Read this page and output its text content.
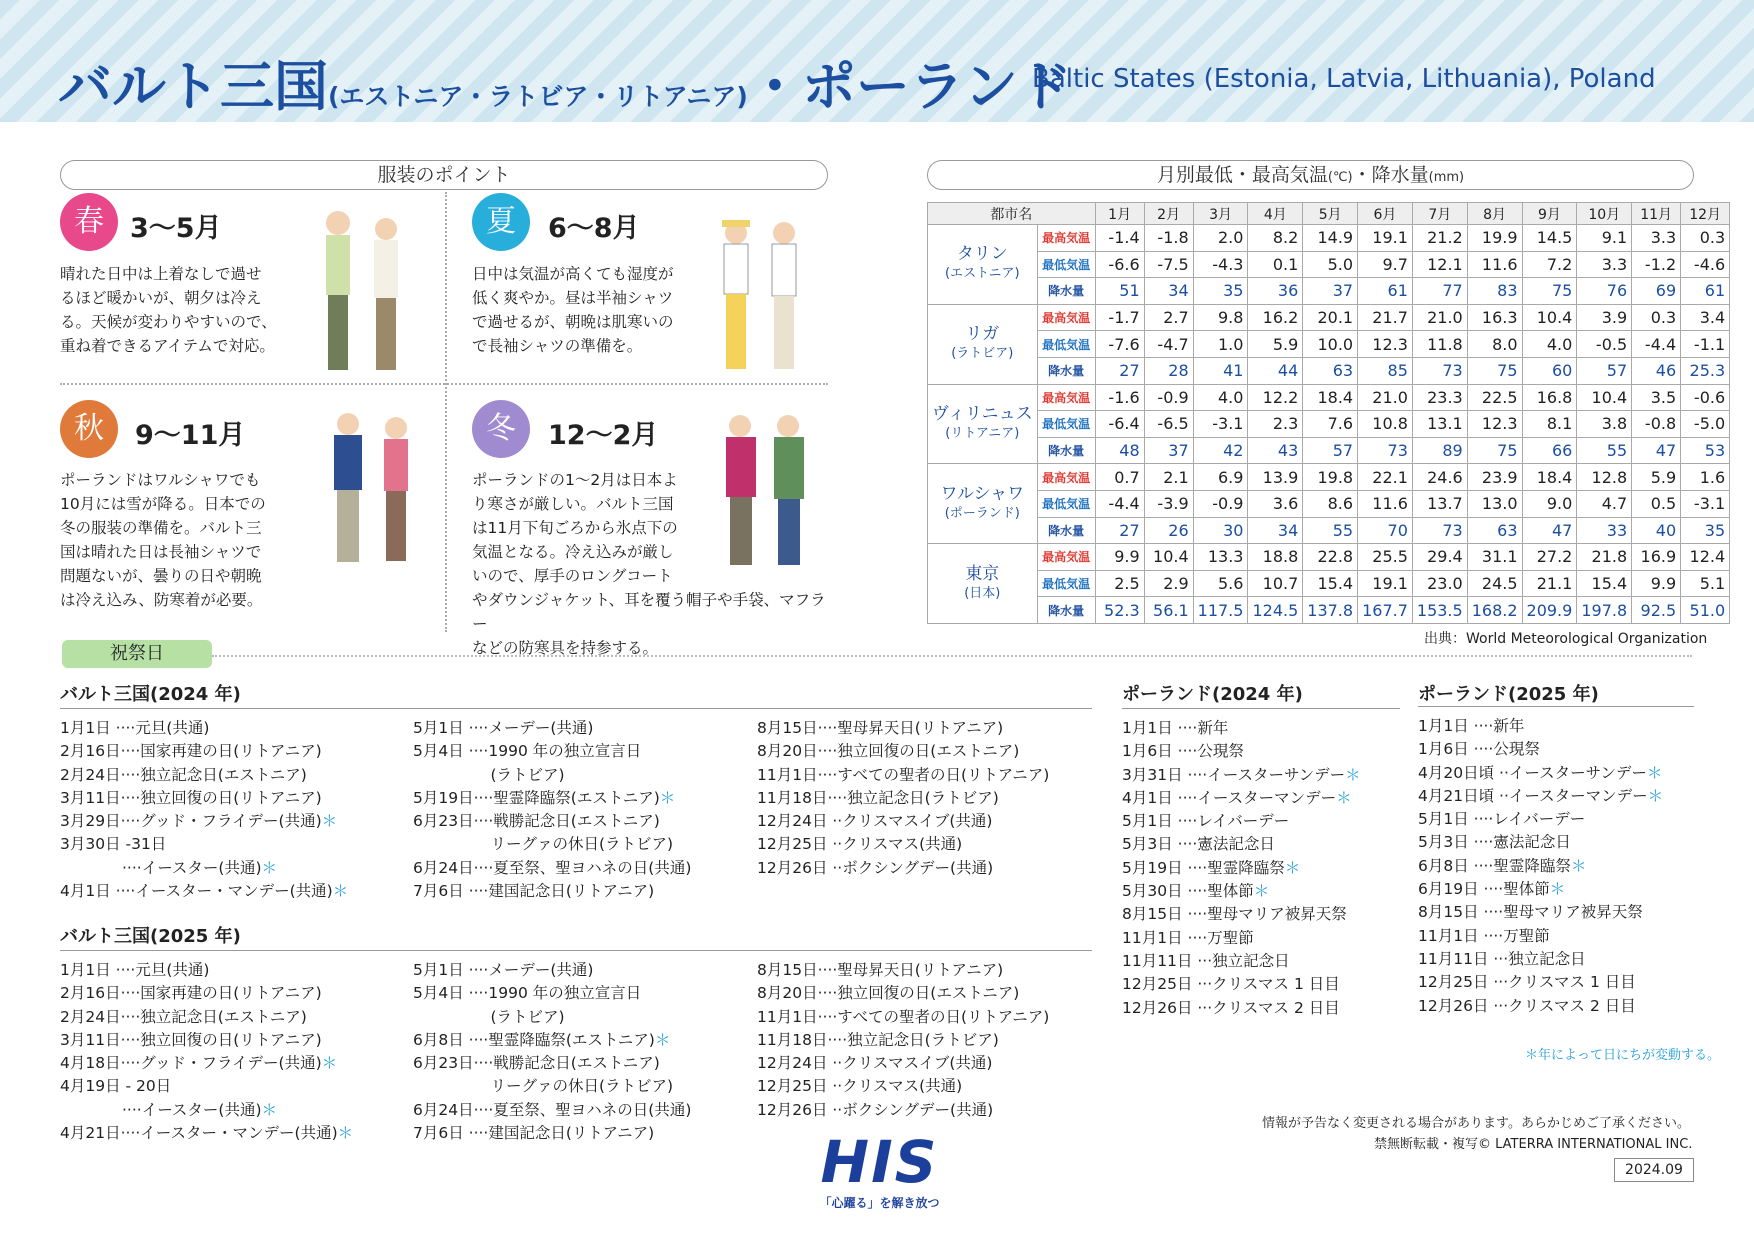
バルト三国(エストニア・ラトビア・リトアニア)・ポーランド
Baltic States (Estonia, Latvia, Lithuania), Poland
服装のポイント
春 3〜5月
晴れた日中は上着なしで過せ
るほど暖かいが、朝夕は冷え
る。天候が変わりやすいので、
重ね着できるアイテムで対応。
夏	6〜8月
日中は気温が高くても湿度が
低く爽やか。昼は半袖シャツ
で過せるが、朝晩は肌寒いの
で長袖シャツの準備を。
秋	9〜11月
ポーランドはワルシャワでも
10月には雪が降る。日本での
冬の服装の準備を。バルト三
国は晴れた日は長袖シャツで
問題ないが、曇りの日や朝晩
は冷え込み、防寒着が必要。
冬	12〜2月
ポーランドの1〜2月は日本よ
り寒さが厳しい。バルト三国
は11月下旬ごろから氷点下の
気温となる。冷え込みが厳し
いので、厚手のロングコート
やダウンジャケット、耳を覆う帽子や手袋、マフラー
などの防寒具を持参する。
月別最低・最高気温(℃)・降水量(mm)
都市名		1月	2月	3月	4月	5月	6月	7月	8月	9月	10月	11月	12月

タリン
(エストニア)	最高気温	-1.4	-1.8	2.0	8.2	14.9	19.1	21.2	19.9	14.5	9.1	3.3	0.3
	最低気温	-6.6	-7.5	-4.3	0.1	5.0	9.7	12.1	11.6	7.2	3.3	-1.2	-4.6
	降水量	51	34	35	36	37	61	77	83	75	76	69	61

リガ
(ラトビア)	最高気温	-1.7	2.7	9.8	16.2	20.1	21.7	21.0	16.3	10.4	3.9	0.3	3.4
	最低気温	-7.6	-4.7	1.0	5.9	10.0	12.3	11.8	8.0	4.0	-0.5	-4.4	-1.1
	降水量	27	28	41	44	63	85	73	75	60	57	46	25.3

ヴィリニュス
(リトアニア)	最高気温	-1.6	-0.9	4.0	12.2	18.4	21.0	23.3	22.5	16.8	10.4	3.5	-0.6
	最低気温	-6.4	-6.5	-3.1	2.3	7.6	10.8	13.1	12.3	8.1	3.8	-0.8	-5.0
	降水量	48	37	42	43	57	73	89	75	66	55	47	53

ワルシャワ
(ポーランド)	最高気温	0.7	2.1	6.9	13.9	19.8	22.1	24.6	23.9	18.4	12.8	5.9	1.6
	最低気温	-4.4	-3.9	-0.9	3.6	8.6	11.6	13.7	13.0	9.0	4.7	0.5	-3.1
	降水量	27	26	30	34	55	70	73	63	47	33	40	35

東京
(日本)	最高気温	9.9	10.4	13.3	18.8	22.8	25.5	29.4	31.1	27.2	21.8	16.9	12.4
	最低気温	2.5	2.9	5.6	10.7	15.4	19.1	23.0	24.5	21.1	15.4	9.9	5.1
	降水量	52.3	56.1	117.5	124.5	137.8	167.7	153.5	168.2	209.9	197.8	92.5	51.0
出典：World Meteorological Organization
祝祭日
バルト三国(2024 年)
1月1日 ····元旦(共通)
2月16日····国家再建の日(リトアニア)
2月24日····独立記念日(エストニア)
3月11日····独立回復の日(リトアニア)
3月29日····グッド・フライデー(共通)＊
3月30日 -31日
　　　　····イースター(共通)＊
4月1日 ····イースター・マンデー(共通)＊
5月1日 ····メーデー(共通)
5月4日 ····1990 年の独立宣言日
　　　　　(ラトビア)
5月19日····聖霊降臨祭(エストニア)＊
6月23日····戦勝記念日(エストニア)
　　　　　リーグァの休日(ラトビア)
6月24日····夏至祭、聖ヨハネの日(共通)
7月6日 ····建国記念日(リトアニア)
8月15日····聖母昇天日(リトアニア)
8月20日····独立回復の日(エストニア)
11月1日····すべての聖者の日(リトアニア)
11月18日····独立記念日(ラトビア)
12月24日 ··クリスマスイブ(共通)
12月25日 ··クリスマス(共通)
12月26日 ··ボクシングデー(共通)
バルト三国(2025 年)
1月1日 ····元旦(共通)
2月16日····国家再建の日(リトアニア)
2月24日····独立記念日(エストニア)
3月11日····独立回復の日(リトアニア)
4月18日····グッド・フライデー(共通)＊
4月19日 - 20日
　　　　····イースター(共通)＊
4月21日····イースター・マンデー(共通)＊
5月1日 ····メーデー(共通)
5月4日 ····1990 年の独立宣言日
　　　　　(ラトビア)
6月8日 ····聖霊降臨祭(エストニア)＊
6月23日····戦勝記念日(エストニア)
　　　　　リーグァの休日(ラトビア)
6月24日····夏至祭、聖ヨハネの日(共通)
7月6日 ····建国記念日(リトアニア)
8月15日····聖母昇天日(リトアニア)
8月20日····独立回復の日(エストニア)
11月1日····すべての聖者の日(リトアニア)
11月18日····独立記念日(ラトビア)
12月24日 ··クリスマスイブ(共通)
12月25日 ··クリスマス(共通)
12月26日 ··ボクシングデー(共通)
ポーランド(2024 年)
1月1日 ····新年
1月6日 ····公現祭
3月31日 ····イースターサンデー＊
4月1日 ····イースターマンデー＊
5月1日 ····レイバーデー
5月3日 ····憲法記念日
5月19日 ····聖霊降臨祭＊
5月30日 ····聖体節＊
8月15日 ····聖母マリア被昇天祭
11月1日 ····万聖節
11月11日 ···独立記念日
12月25日 ···クリスマス 1 日目
12月26日 ···クリスマス 2 日目
ポーランド(2025 年)
1月1日 ····新年
1月6日 ····公現祭
4月20日頃 ··イースターサンデー＊
4月21日頃 ··イースターマンデー＊
5月1日 ····レイバーデー
5月3日 ····憲法記念日
6月8日 ····聖霊降臨祭＊
6月19日 ····聖体節＊
8月15日 ····聖母マリア被昇天祭
11月1日 ····万聖節
11月11日 ···独立記念日
12月25日 ···クリスマス 1 日目
12月26日 ···クリスマス 2 日目
＊年によって日にちが変動する。
HIS
「心躍る」を解き放つ
情報が予告なく変更される場合があります。あらかじめご了承ください。
禁無断転載・複写© LATERRA INTERNATIONAL INC.
2024.09
